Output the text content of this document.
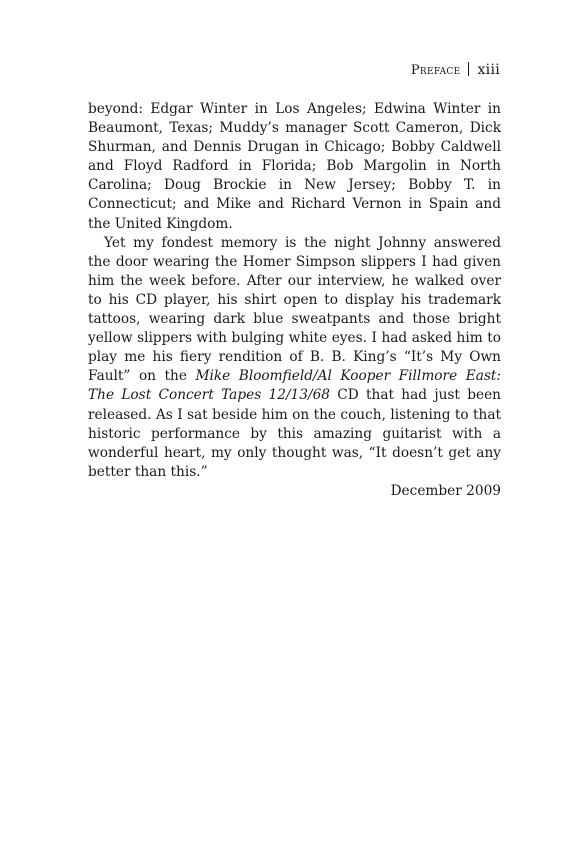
Preface xiii

beyond: Edgar Winter in Los Angeles; Edwina Winter in Beaumont, Texas; Muddy’s manager Scott Cameron, Dick Shurman, and Dennis Drugan in Chicago; Bobby Caldwell and Floyd Radford in Florida; Bob Margolin in North Carolina; Doug Brockie in New Jersey; Bobby T. in Connecticut; and Mike and Richard Vernon in Spain and the United Kingdom.

Yet my fondest memory is the night Johnny answered the door wearing the Homer Simpson slippers I had given him the week before. After our interview, he walked over to his CD player, his shirt open to display his trademark tattoos, wearing dark blue sweatpants and those bright yellow slippers with bulging white eyes. I had asked him to play me his fiery rendition of B. B. King’s “It’s My Own Fault” on the Mike Bloomfield/Al Kooper Fillmore East: The Lost Concert Tapes 12/13/68 CD that had just been released. As I sat beside him on the couch, listening to that historic performance by this amazing guitarist with a wonderful heart, my only thought was, “It doesn’t get any better than this.”

December 2009
